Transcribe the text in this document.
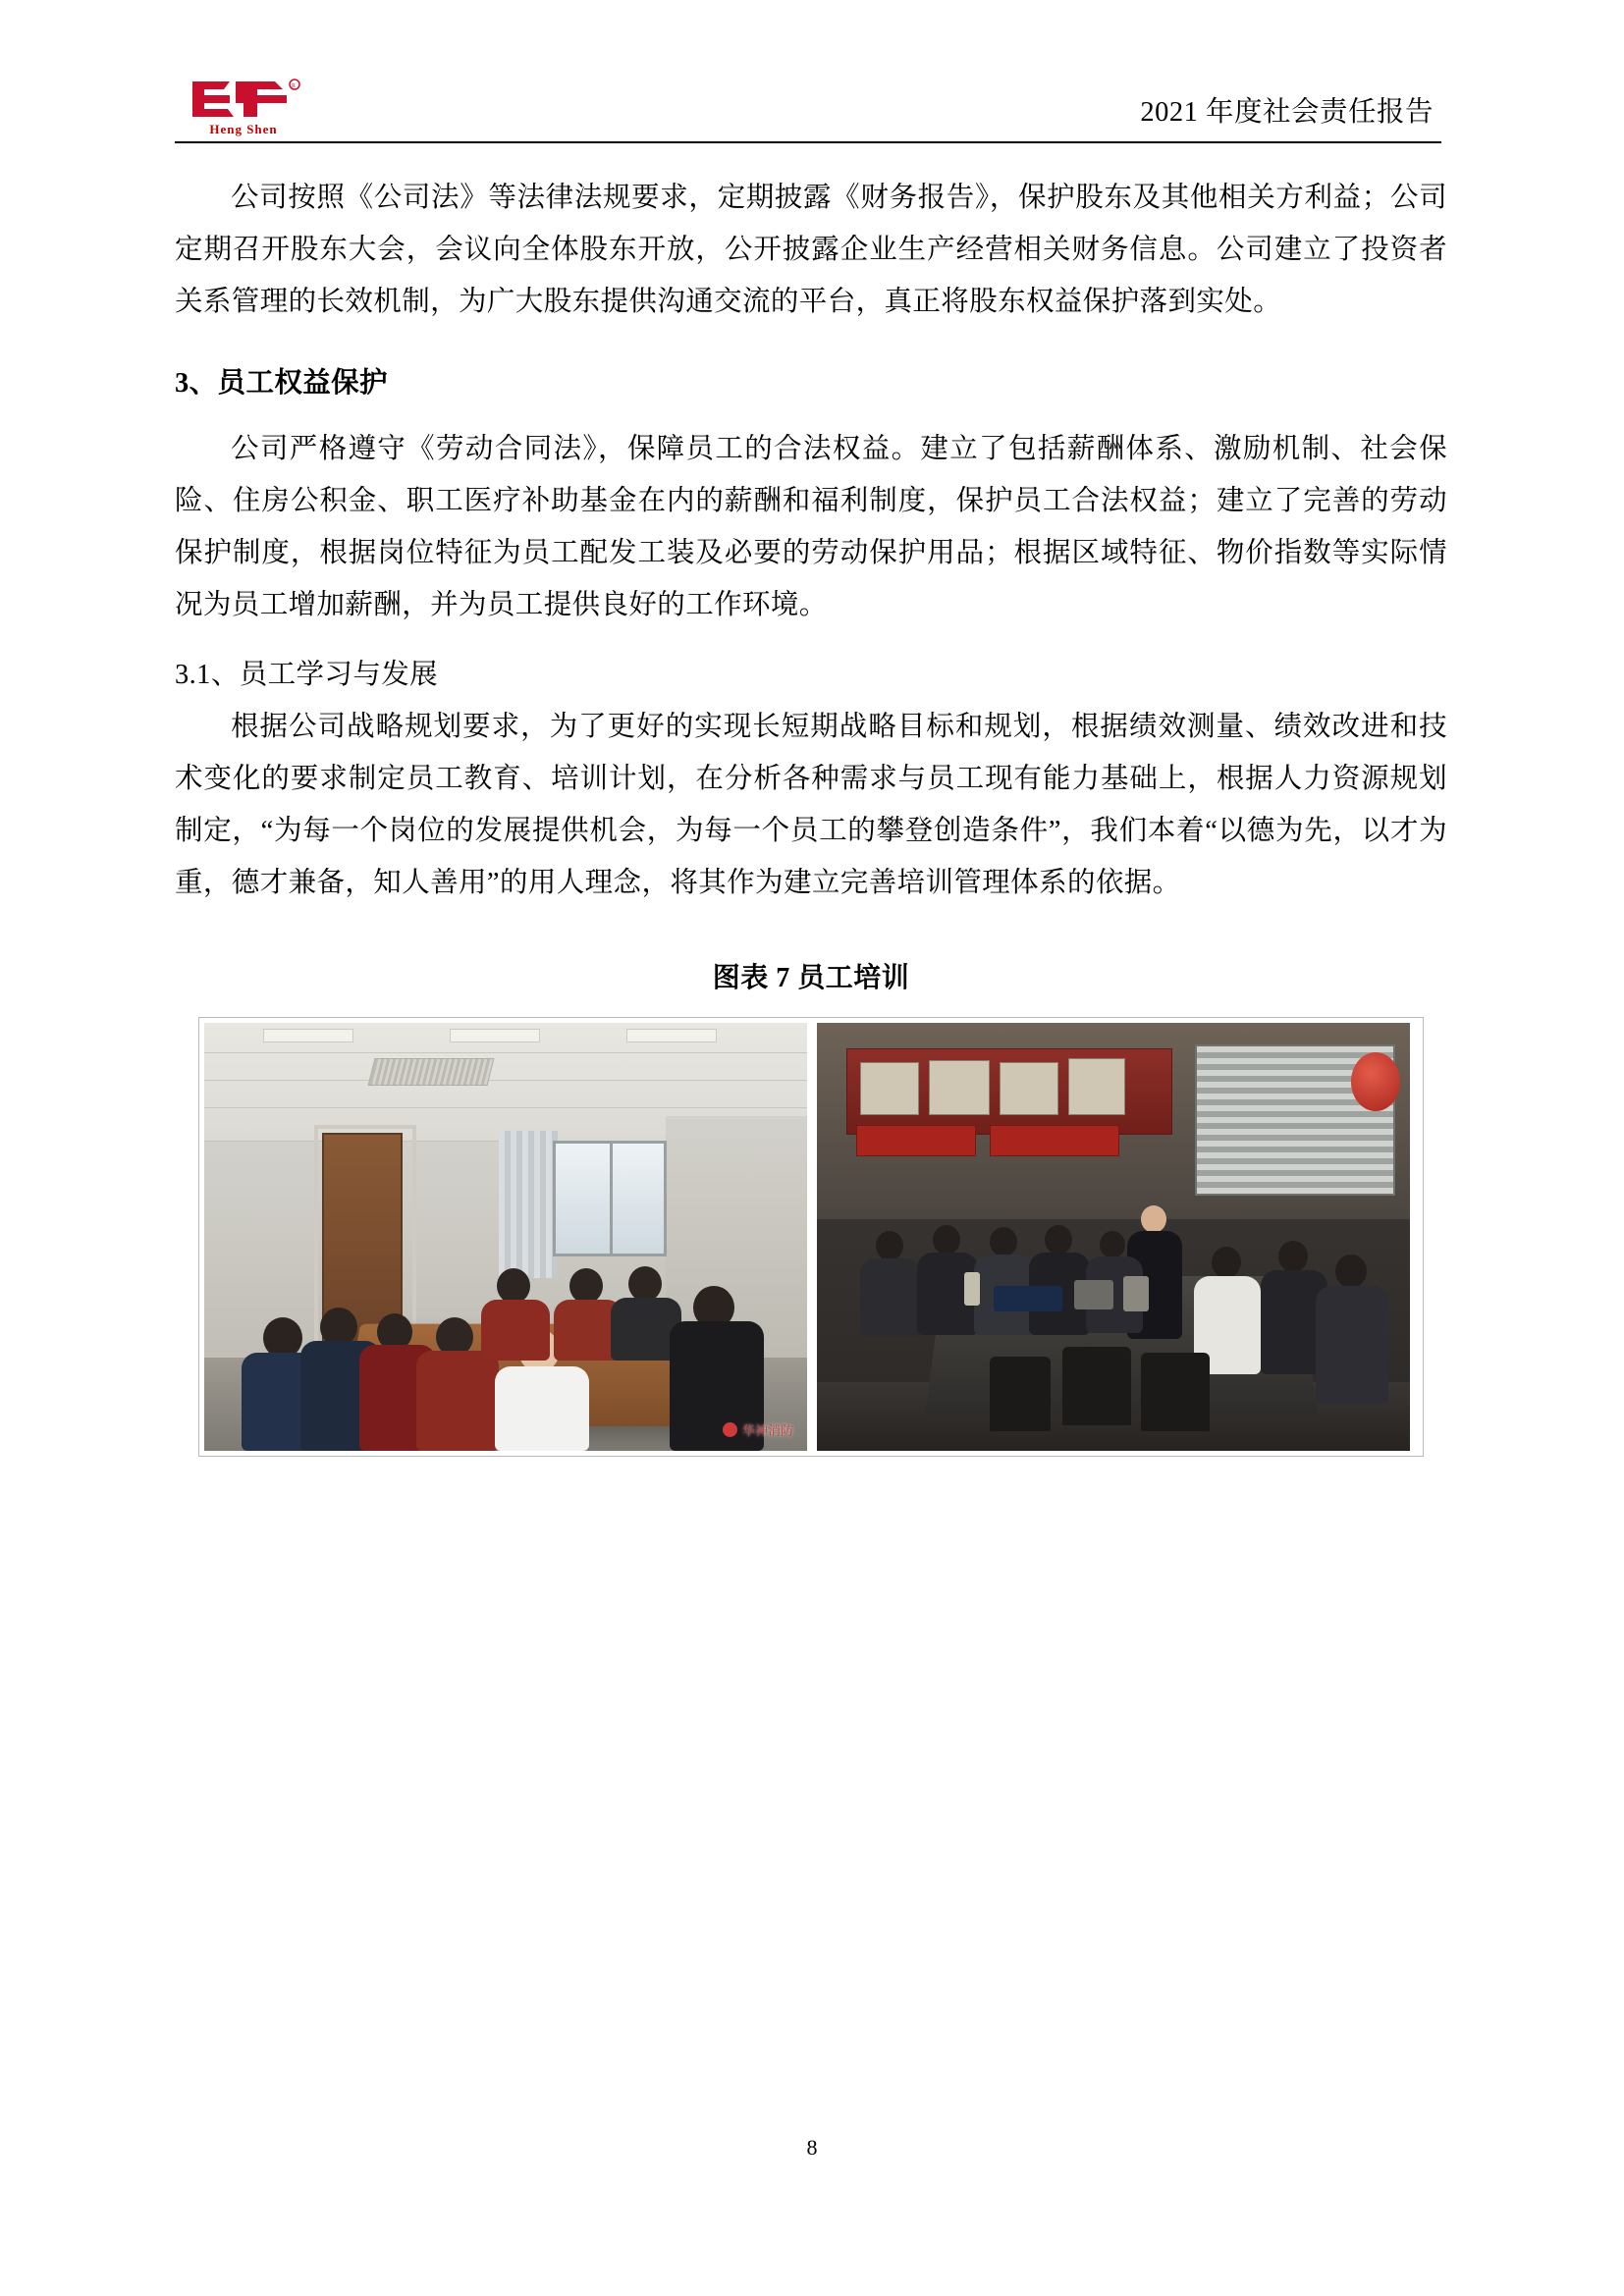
R
Heng Shen
2021 年度社会责任报告

公司按照《公司法》等法律法规要求，定期披露《财务报告》，保护股东及其他相关方利益；公司定期召开股东大会，会议向全体股东开放，公开披露企业生产经营相关财务信息。公司建立了投资者关系管理的长效机制，为广大股东提供沟通交流的平台，真正将股东权益保护落到实处。

3、员工权益保护

公司严格遵守《劳动合同法》，保障员工的合法权益。建立了包括薪酬体系、激励机制、社会保险、住房公积金、职工医疗补助基金在内的薪酬和福利制度，保护员工合法权益；建立了完善的劳动保护制度，根据岗位特征为员工配发工装及必要的劳动保护用品；根据区域特征、物价指数等实际情况为员工增加薪酬，并为员工提供良好的工作环境。

3.1、员工学习与发展

根据公司战略规划要求，为了更好的实现长短期战略目标和规划，根据绩效测量、绩效改进和技术变化的要求制定员工教育、培训计划，在分析各种需求与员工现有能力基础上，根据人力资源规划制定，“为每一个岗位的发展提供机会，为每一个员工的攀登创造条件”，我们本着“以德为先，以才为重，德才兼备，知人善用”的用人理念，将其作为建立完善培训管理体系的依据。

图表 7 员工培训
华神消防
8
